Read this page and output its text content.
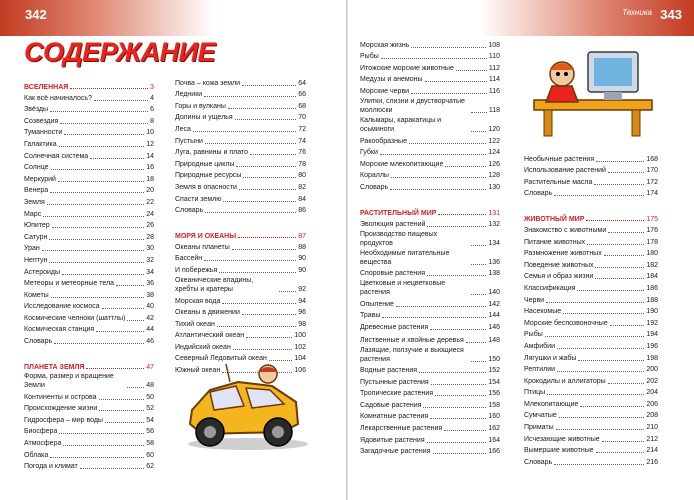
342
СОДЕРЖАНИЕ
ВСЕЛЕННАЯ	3
Как всё начиналось?	4
Звёзды	6
Созвездия	8
Туманности	10
Галактика	12
Солнечная система	14
Солнце	16
Меркурий	18
Венера	20
Земля	22
Марс	24
Юпитер	26
Сатурн	28
Уран	30
Нептун	32
Астероиды	34
Метеоры и метеорные тела	36
Кометы	38
Исследование космоса	40
Космические челноки (шаттлы)	42
Космическая станция	44
Словарь	46
ПЛАНЕТА ЗЕМЛЯ	47
Форма, размер и вращение Земли	48
Континенты и острова	50
Происхождение жизни	52
Гидросфера – мир воды	54
Биосфера	56
Атмосфера	58
Облака	60
Погода и климат	62
Почва – кожа земли	64
Ледники	66
Горы и вулканы	68
Долины и ущелья	70
Леса	72
Пустыни	74
Луга, равнины и плато	76
Природные циклы	78
Природные ресурсы	80
Земля в опасности	82
Спасти землю	84
Словарь	86
МОРЯ И ОКЕАНЫ	87
Океаны планеты	88
Бассейн	90
И побережья	90
Океанические впадины, хребты и кратеры	92
Морская вода	94
Океаны в движении	96
Тихий океан	98
Атлантический океан	100
Индийский океан	102
Северный Ледовитый океан	104
Южный океан	106
Техника 343
Морская жизнь	108
Рыбы	110
Итожские морские животные	112
Медузы и анемоны	114
Морские черви	116
Улитки, слизни и двустворчатые моллюски	118
Кальмары, каракатицы и осьминоги	120
Ракообразные	122
Губки	124
Морские млекопитающие	126
Кораллы	128
Словарь	130
РАСТИТЕЛЬНЫЙ МИР	131
Эволюция растений	132
Производство пищевых продуктов	134
Необходимые питательные вещества	136
Споровые растения	138
Цветковые и нецветковые растения	140
Опыление	142
Травы	144
Древесные растения	146
Лиственные и хвойные деревья	148
Лазящие, ползучие и вьющиеся растения	150
Водные растения	152
Пустынные растения	154
Тропические растения	156
Садовые растения	158
Комнатные растения	160
Лекарственные растения	162
Ядовитые растения	164
Загадочные растения	166
Необычные растения	168
Использование растений	170
Растительные масла	172
Словарь	174
ЖИВОТНЫЙ МИР	175
Знакомство с животными	176
Питание животных	178
Размножение животных	180
Поведение животных	182
Семья и образ жизни	184
Классификация	186
Черви	188
Насекомые	190
Морские беспозвоночные	192
Рыбы	194
Амфибии	196
Лягушки и жабы	198
Рептилии	200
Крокодилы и аллигаторы	202
Птицы	204
Млекопитающие	206
Сумчатые	208
Приматы	210
Исчезающие животные	212
Вымершие животные	214
Словарь	216
